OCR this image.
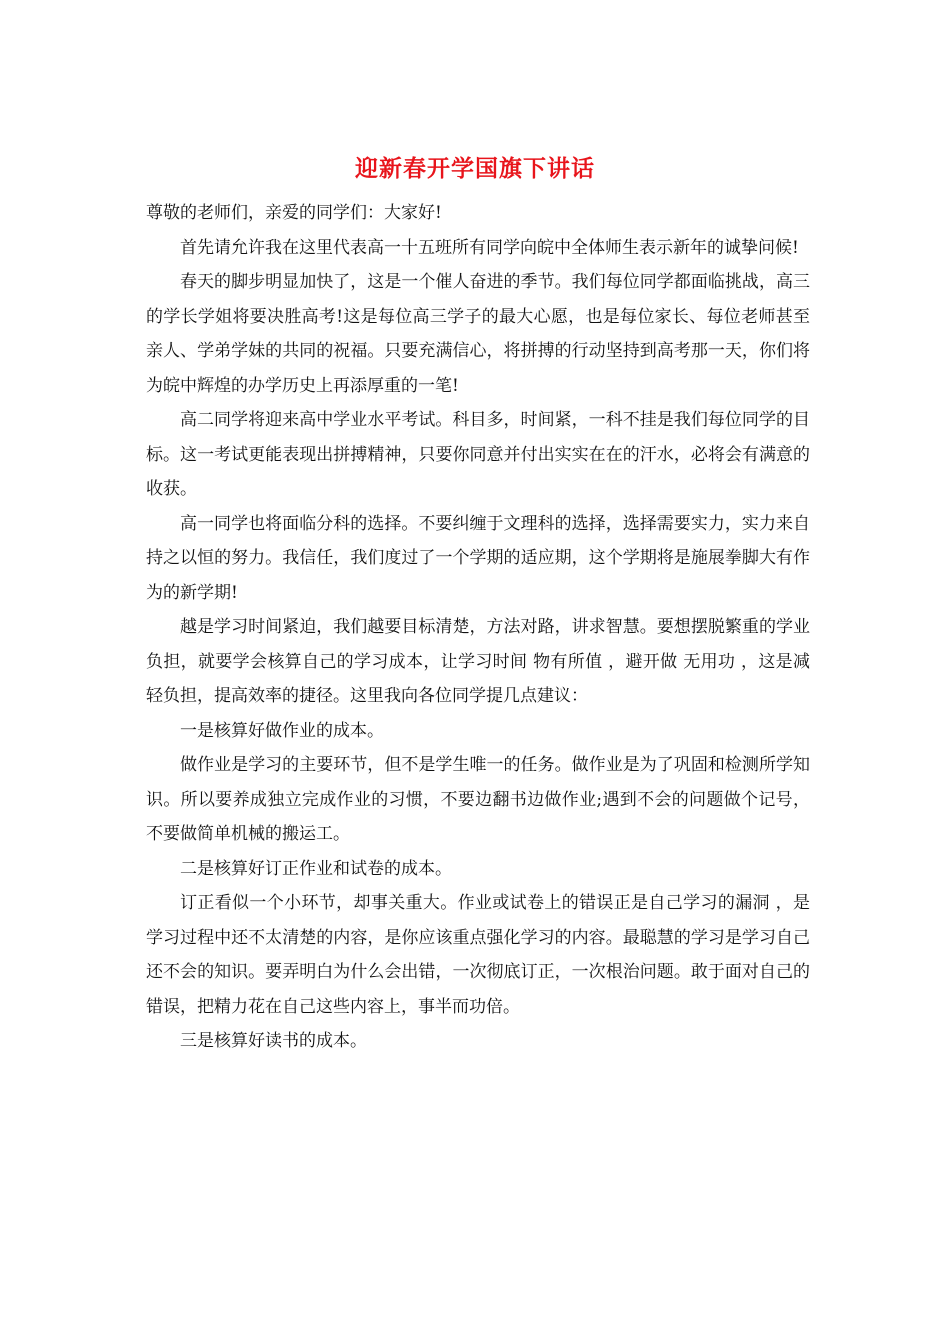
迎新春开学国旗下讲话

尊敬的老师们，亲爱的同学们：大家好!

首先请允许我在这里代表高一十五班所有同学向皖中全体师生表示新年的诚挚问候!

春天的脚步明显加快了，这是一个催人奋进的季节。我们每位同学都面临挑战，高三的学长学姐将要决胜高考!这是每位高三学子的最大心愿，也是每位家长、每位老师甚至亲人、学弟学妹的共同的祝福。只要充满信心，将拼搏的行动坚持到高考那一天，你们将为皖中辉煌的办学历史上再添厚重的一笔!

高二同学将迎来高中学业水平考试。科目多，时间紧，一科不挂是我们每位同学的目标。这一考试更能表现出拼搏精神，只要你同意并付出实实在在的汗水，必将会有满意的收获。

高一同学也将面临分科的选择。不要纠缠于文理科的选择，选择需要实力，实力来自持之以恒的努力。我信任，我们度过了一个学期的适应期，这个学期将是施展拳脚大有作为的新学期!

越是学习时间紧迫，我们越要目标清楚，方法对路，讲求智慧。要想摆脱繁重的学业负担，就要学会核算自己的学习成本，让学习时间 物有所值 ，避开做 无用功 ，这是减轻负担，提高效率的捷径。这里我向各位同学提几点建议：

一是核算好做作业的成本。

做作业是学习的主要环节，但不是学生唯一的任务。做作业是为了巩固和检测所学知识。所以要养成独立完成作业的习惯，不要边翻书边做作业;遇到不会的问题做个记号，不要做简单机械的搬运工。

二是核算好订正作业和试卷的成本。

订正看似一个小环节，却事关重大。作业或试卷上的错误正是自己学习的漏洞 ，是学习过程中还不太清楚的内容，是你应该重点强化学习的内容。最聪慧的学习是学习自己还不会的知识。要弄明白为什么会出错，一次彻底订正，一次根治问题。敢于面对自己的错误，把精力花在自己这些内容上，事半而功倍。

三是核算好读书的成本。
